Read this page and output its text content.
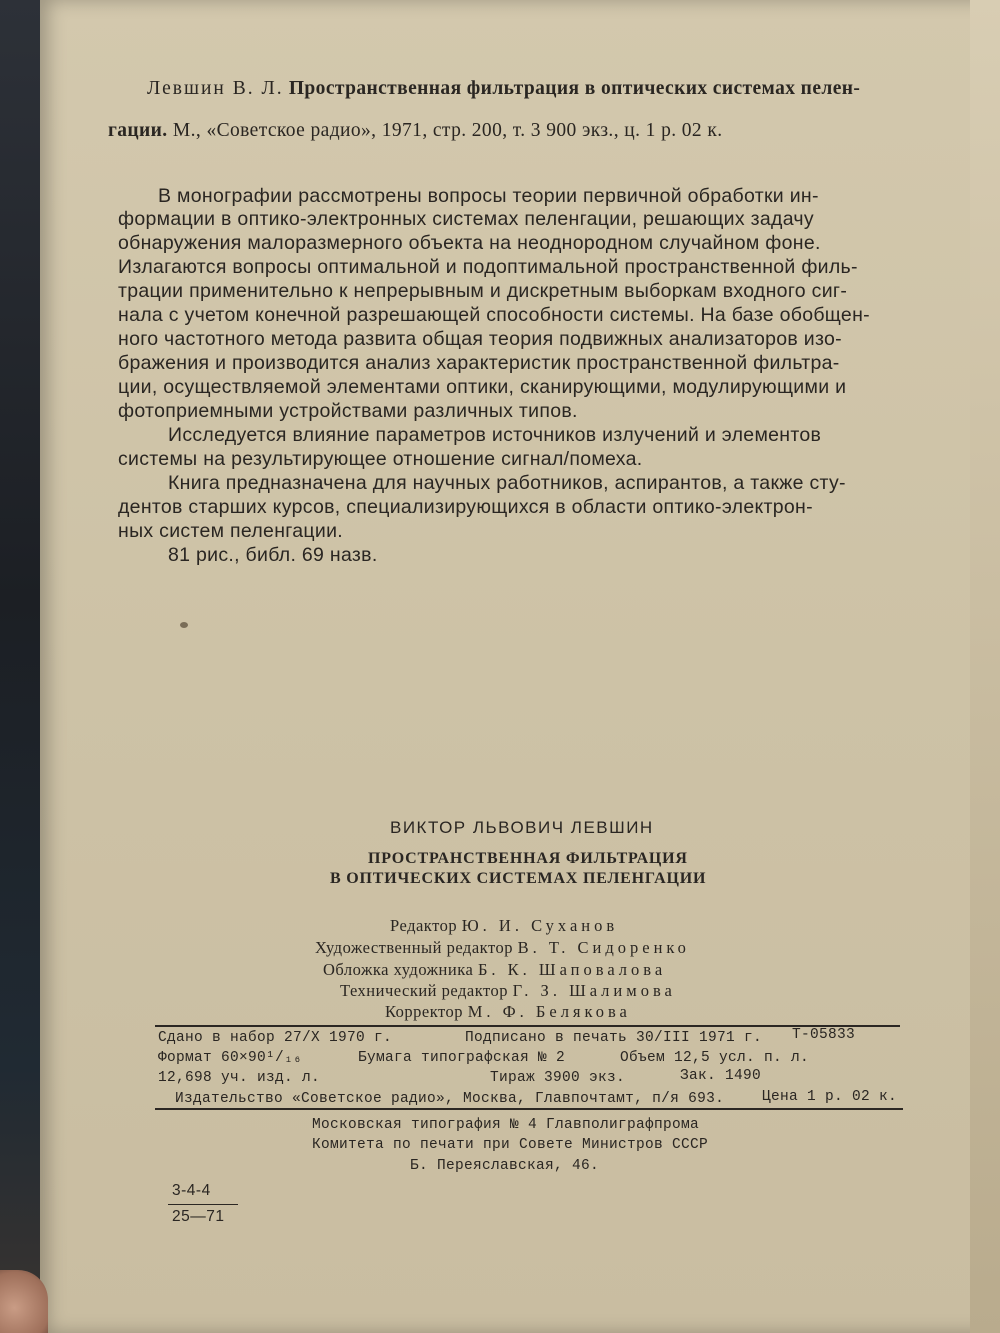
Левшин В. Л. Пространственная фильтрация в оптических системах пелен-
гации. М., «Советское радио», 1971, стр. 200, т. 3 900 экз., ц. 1 р. 02 к.
В монографии рассмотрены вопросы теории первичной обработки ин-
формации в оптико-электронных системах пеленгации, решающих задачу
обнаружения малоразмерного объекта на неоднородном случайном фоне.
Излагаются вопросы оптимальной и подоптимальной пространственной филь-
трации применительно к непрерывным и дискретным выборкам входного сиг-
нала с учетом конечной разрешающей способности системы. На базе обобщен-
ного частотного метода развита общая теория подвижных анализаторов изо-
бражения и производится анализ характеристик пространственной фильтра-
ции, осуществляемой элементами оптики, сканирующими, модулирующими и
фотоприемными устройствами различных типов.
Исследуется влияние параметров источников излучений и элементов
системы на результирующее отношение сигнал/помеха.
Книга предназначена для научных работников, аспирантов, а также сту-
дентов старших курсов, специализирующихся в области оптико-электрон-
ных систем пеленгации.
81 рис., библ. 69 назв.
ВИКТОР ЛЬВОВИЧ ЛЕВШИН
ПРОСТРАНСТВЕННАЯ ФИЛЬТРАЦИЯ
В ОПТИЧЕСКИХ СИСТЕМАХ ПЕЛЕНГАЦИИ
Редактор Ю. И. Суханов
Художественный редактор В. Т. Сидоренко
Обложка художника Б. К. Шаповалова
Технический редактор Г. З. Шалимова
Корректор М. Ф. Белякова
Сдано в набор 27/X 1970 г.	Подписано в печать 30/III 1971 г. Т-05833
Формат 60×90¹/₁₆	Бумага типографская № 2	Объем 12,5 усл. п. л.
12,698 уч. изд. л.	Тираж 3900 экз.	Зак. 1490
Издательство «Советское радио», Москва, Главпочтамт, п/я 693.	Цена 1 р. 02 к.
Московская типография № 4 Главполиграфпрома
Комитета по печати при Совете Министров СССР
Б. Переяславская, 46.
3-4-4
25—71
